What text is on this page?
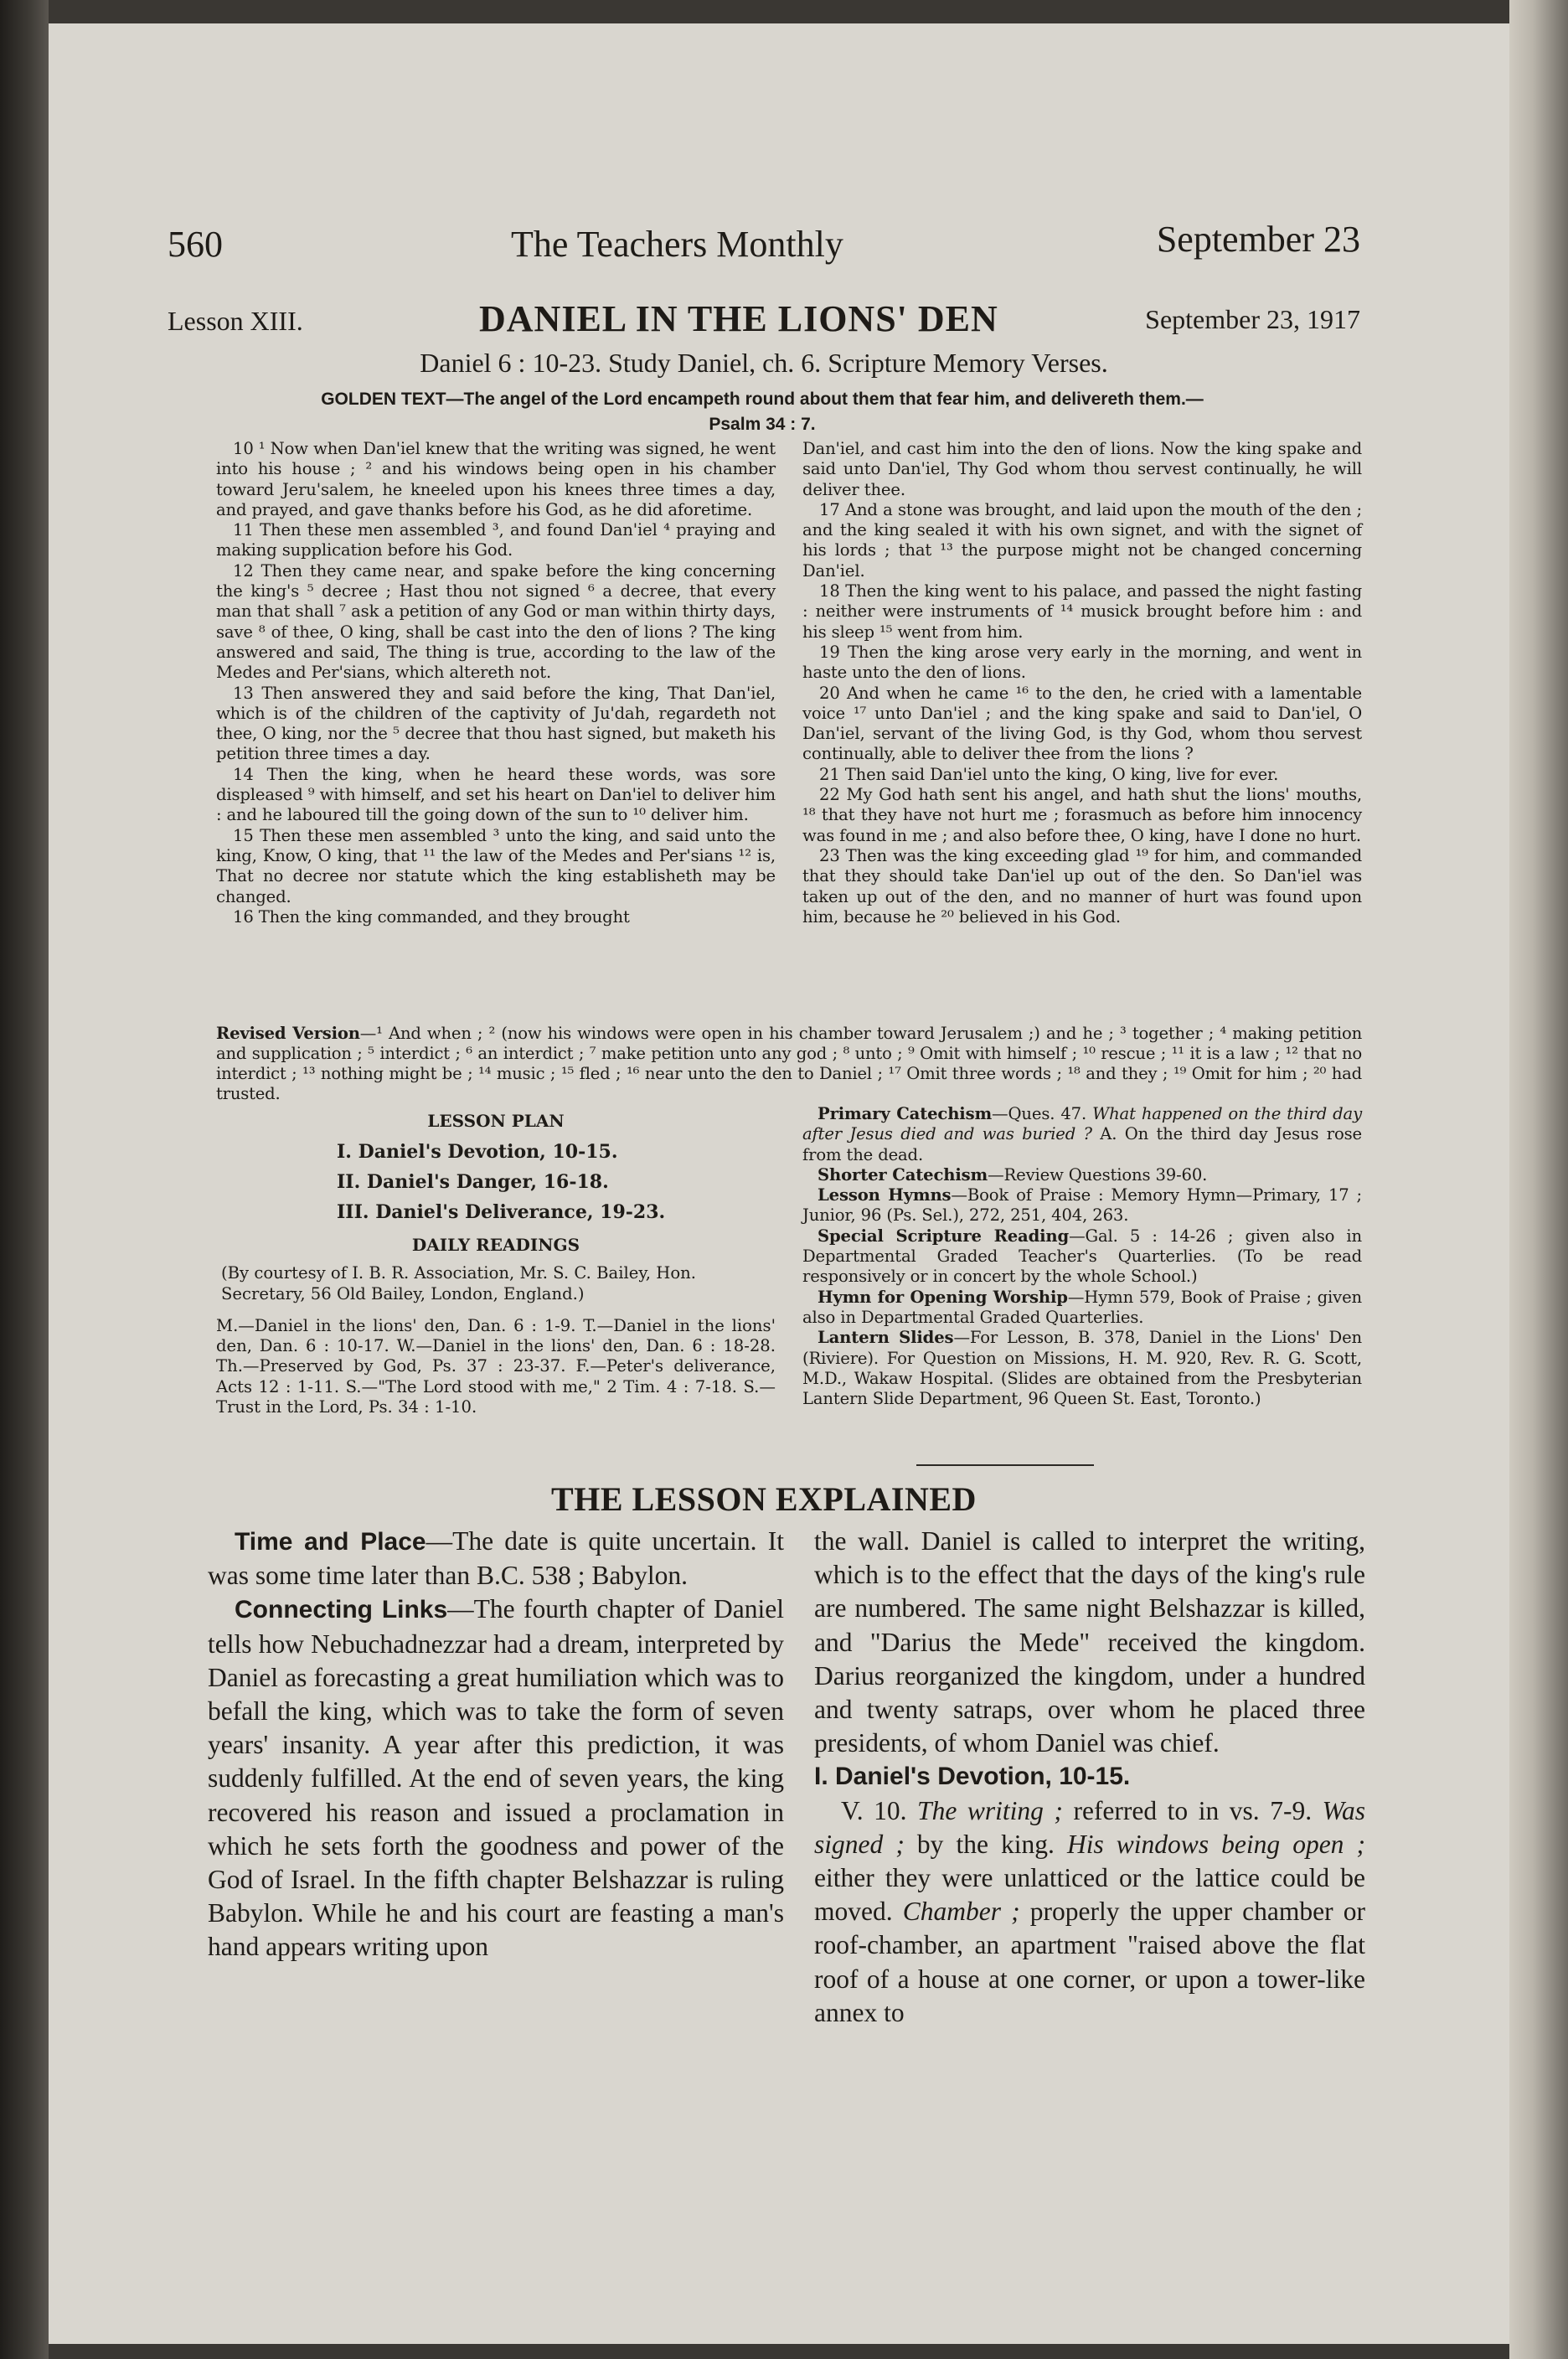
560	The Teachers Monthly	September 23
Lesson XIII.	DANIEL IN THE LIONS' DEN	September 23, 1917
Daniel 6 : 10-23. Study Daniel, ch. 6. Scripture Memory Verses.
GOLDEN TEXT—The angel of the Lord encampeth round about them that fear him, and delivereth them.—
Psalm 34 : 7.

10 ¹ Now when Dan'iel knew that the writing was signed, he went into his house ; ² and his windows being open in his chamber toward Jeru'salem, he kneeled upon his knees three times a day, and prayed, and gave thanks before his God, as he did aforetime.

11 Then these men assembled ³, and found Dan'iel ⁴ praying and making supplication before his God.

12 Then they came near, and spake before the king concerning the king's ⁵ decree ; Hast thou not signed ⁶ a decree, that every man that shall ⁷ ask a petition of any God or man within thirty days, save ⁸ of thee, O king, shall be cast into the den of lions ? The king answered and said, The thing is true, according to the law of the Medes and Per'sians, which altereth not.

13 Then answered they and said before the king, That Dan'iel, which is of the children of the captivity of Ju'dah, regardeth not thee, O king, nor the ⁵ decree that thou hast signed, but maketh his petition three times a day.

14 Then the king, when he heard these words, was sore displeased ⁹ with himself, and set his heart on Dan'iel to deliver him : and he laboured till the going down of the sun to ¹⁰ deliver him.

15 Then these men assembled ³ unto the king, and said unto the king, Know, O king, that ¹¹ the law of the Medes and Per'sians ¹² is, That no decree nor statute which the king establisheth may be changed.

16 Then the king commanded, and they brought

Dan'iel, and cast him into the den of lions. Now the king spake and said unto Dan'iel, Thy God whom thou servest continually, he will deliver thee.

17 And a stone was brought, and laid upon the mouth of the den ; and the king sealed it with his own signet, and with the signet of his lords ; that ¹³ the purpose might not be changed concerning Dan'iel.

18 Then the king went to his palace, and passed the night fasting : neither were instruments of ¹⁴ musick brought before him : and his sleep ¹⁵ went from him.

19 Then the king arose very early in the morning, and went in haste unto the den of lions.

20 And when he came ¹⁶ to the den, he cried with a lamentable voice ¹⁷ unto Dan'iel ; and the king spake and said to Dan'iel, O Dan'iel, servant of the living God, is thy God, whom thou servest continually, able to deliver thee from the lions ?

21 Then said Dan'iel unto the king, O king, live for ever.

22 My God hath sent his angel, and hath shut the lions' mouths, ¹⁸ that they have not hurt me ; forasmuch as before him innocency was found in me ; and also before thee, O king, have I done no hurt.

23 Then was the king exceeding glad ¹⁹ for him, and commanded that they should take Dan'iel up out of the den. So Dan'iel was taken up out of the den, and no manner of hurt was found upon him, because he ²⁰ believed in his God.

Revised Version—¹ And when ; ² (now his windows were open in his chamber toward Jerusalem ;) and he ; ³ together ; ⁴ making petition and supplication ; ⁵ interdict ; ⁶ an interdict ; ⁷ make petition unto any god ; ⁸ unto ; ⁹ Omit with himself ; ¹⁰ rescue ; ¹¹ it is a law ; ¹² that no interdict ; ¹³ nothing might be ; ¹⁴ music ; ¹⁵ fled ; ¹⁶ near unto the den to Daniel ; ¹⁷ Omit three words ; ¹⁸ and they ; ¹⁹ Omit for him ; ²⁰ had trusted.
LESSON PLAN
I. Daniel's Devotion, 10-15.
II. Daniel's Danger, 16-18.
III. Daniel's Deliverance, 19-23.
DAILY READINGS
(By courtesy of I. B. R. Association, Mr. S. C. Bailey, Hon. Secretary, 56 Old Bailey, London, England.)
M.—Daniel in the lions' den, Dan. 6 : 1-9. T.—Daniel in the lions' den, Dan. 6 : 10-17. W.—Daniel in the lions' den, Dan. 6 : 18-28. Th.—Preserved by God, Ps. 37 : 23-37. F.—Peter's deliverance, Acts 12 : 1-11. S.—"The Lord stood with me," 2 Tim. 4 : 7-18. S.—Trust in the Lord, Ps. 34 : 1-10.

Primary Catechism—Ques. 47. What happened on the third day after Jesus died and was buried ? A. On the third day Jesus rose from the dead.

Shorter Catechism—Review Questions 39-60.

Lesson Hymns—Book of Praise : Memory Hymn—Primary, 17 ; Junior, 96 (Ps. Sel.), 272, 251, 404, 263.

Special Scripture Reading—Gal. 5 : 14-26 ; given also in Departmental Graded Teacher's Quarterlies. (To be read responsively or in concert by the whole School.)

Hymn for Opening Worship—Hymn 579, Book of Praise ; given also in Departmental Graded Quarterlies.

Lantern Slides—For Lesson, B. 378, Daniel in the Lions' Den (Riviere). For Question on Missions, H. M. 920, Rev. R. G. Scott, M.D., Wakaw Hospital. (Slides are obtained from the Presbyterian Lantern Slide Department, 96 Queen St. East, Toronto.)

THE LESSON EXPLAINED

Time and Place—The date is quite uncertain. It was some time later than B.C. 538 ; Babylon.

Connecting Links—The fourth chapter of Daniel tells how Nebuchadnezzar had a dream, interpreted by Daniel as forecasting a great humiliation which was to befall the king, which was to take the form of seven years' insanity. A year after this prediction, it was suddenly fulfilled. At the end of seven years, the king recovered his reason and issued a proclamation in which he sets forth the goodness and power of the God of Israel. In the fifth chapter Belshazzar is ruling Babylon. While he and his court are feasting a man's hand appears writing upon

the wall. Daniel is called to interpret the writing, which is to the effect that the days of the king's rule are numbered. The same night Belshazzar is killed, and "Darius the Mede" received the kingdom. Darius reorganized the kingdom, under a hundred and twenty satraps, over whom he placed three presidents, of whom Daniel was chief.

I. Daniel's Devotion, 10-15.

V. 10. The writing ; referred to in vs. 7-9. Was signed ; by the king. His windows being open ; either they were unlatticed or the lattice could be moved. Chamber ; properly the upper chamber or roof-chamber, an apartment "raised above the flat roof of a house at one corner, or upon a tower-like annex to
